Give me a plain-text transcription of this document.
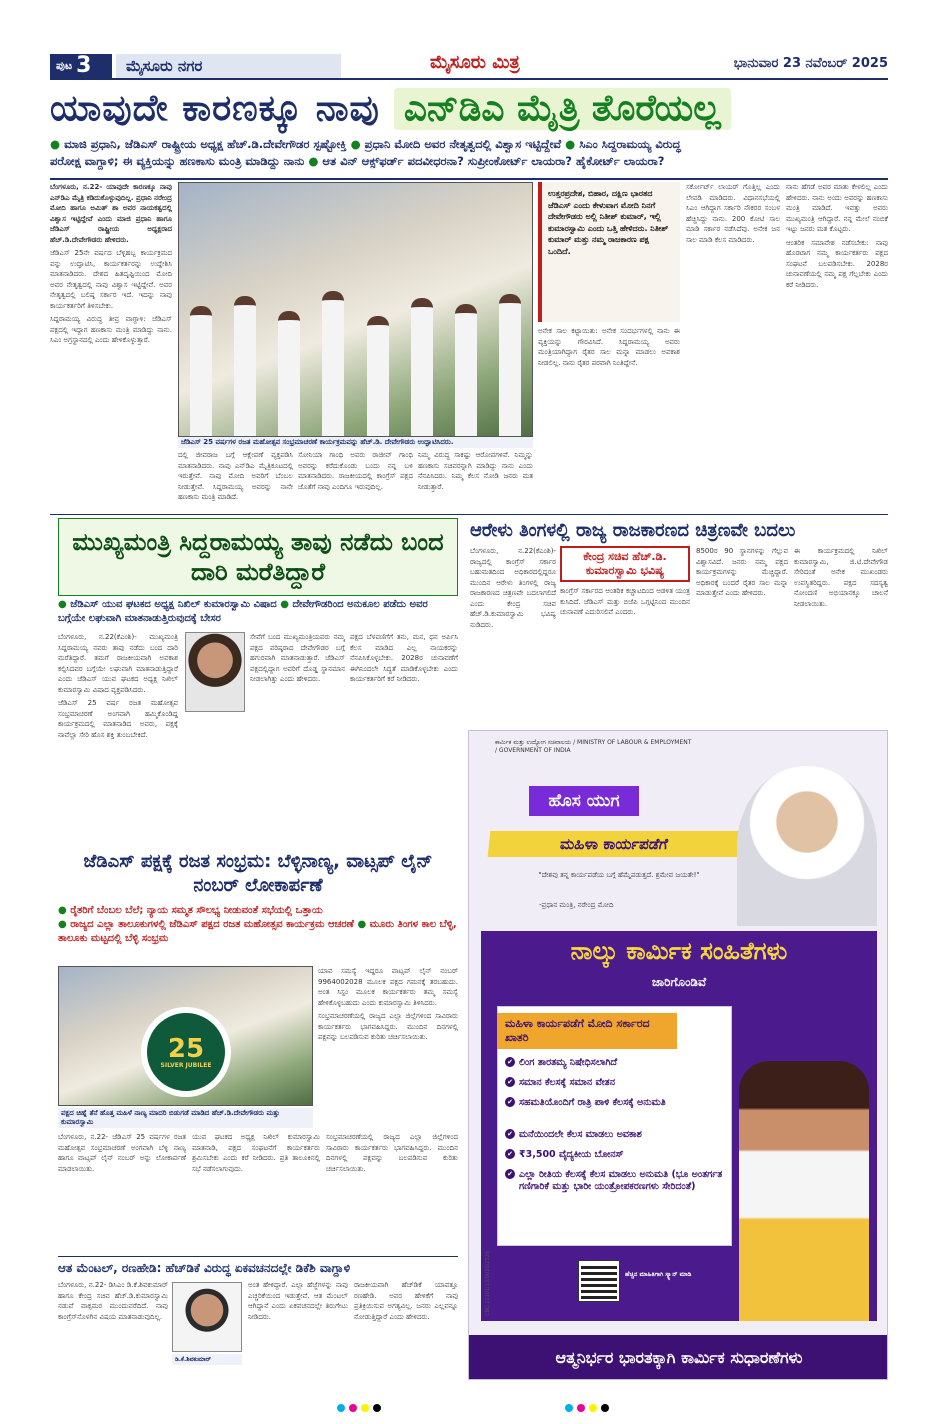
ಪುಟ 3	ಮೈಸೂರು ನಗರ	ಮೈಸೂರು ಮಿತ್ರ	ಭಾನುವಾರ 23 ನವೆಂಬರ್ 2025
ಯಾವುದೇ ಕಾರಣಕ್ಕೂ ನಾವು ಎನ್‌ಡಿಎ ಮೈತ್ರಿ ತೊರೆಯಲ್ಲ
● ಮಾಜಿ ಪ್ರಧಾನಿ, ಜೆಡಿಎಸ್ ರಾಷ್ಟ್ರೀಯ ಅಧ್ಯಕ್ಷ ಹೆಚ್.ಡಿ.ದೇವೇಗೌಡರ ಸ್ಪಷ್ಟೋಕ್ತಿ ● ಪ್ರಧಾನಿ ಮೋದಿ ಅವರ ನೇತೃತ್ವದಲ್ಲಿ ವಿಶ್ವಾಸ ಇಟ್ಟಿದ್ದೇವೆ ● ಸಿಎಂ ಸಿದ್ದರಾಮಯ್ಯ ವಿರುದ್ಧ
ಪರೋಕ್ಷ ವಾಗ್ದಾಳಿ; ಈ ವ್ಯಕ್ತಿಯನ್ನು ಹಣಕಾಸು ಮಂತ್ರಿ ಮಾಡಿದ್ದು ನಾನು ● ಆತ ವಿನ್ ಆಕ್ಸ್‌ಫರ್ಡ್ ಪದವೀಧರನಾ? ಸುಪ್ರೀಂಕೋರ್ಟ್ ಲಾಯರಾ? ಹೈಕೋರ್ಟ್ ಲಾಯರಾ?

ಬೆಂಗಳೂರು, ನ.22- ಯಾವುದೇ ಕಾರಣಕ್ಕೂ ನಾವು ಎನ್‌ಡಿಎ ಮೈತ್ರಿ ಕಡಿದುಕೊಳ್ಳುವುದಿಲ್ಲ. ಪ್ರಧಾನಿ ನರೇಂದ್ರ ಮೋದಿ ಹಾಗೂ ಅಮಿತ್ ಶಾ ಅವರ ನಾಯಕತ್ವದಲ್ಲಿ ವಿಶ್ವಾಸ ಇಟ್ಟಿದ್ದೇವೆ ಎಂದು ಮಾಜಿ ಪ್ರಧಾನಿ ಹಾಗೂ ಜೆಡಿಎಸ್ ರಾಷ್ಟ್ರೀಯ ಅಧ್ಯಕ್ಷರಾದ ಹೆಚ್.ಡಿ.ದೇವೇಗೌಡರು ಹೇಳಿದರು.

ಜೆಡಿಎಸ್ 25ನೇ ವರ್ಷದ ಬೆಳ್ಳಿಹಬ್ಬ ಕಾರ್ಯಕ್ರಮದ ವನ್ನು ಉದ್ಘಾಟಿಸಿ, ಕಾರ್ಯಕರ್ತರನ್ನು ಉದ್ದೇಶಿಸಿ ಮಾತನಾಡಿದರು. ದೇಶದ ಹಿತದೃಷ್ಟಿಯಿಂದ ಮೋದಿ ಅವರ ನೇತೃತ್ವದಲ್ಲಿ ನಾವು ವಿಶ್ವಾಸ ಇಟ್ಟಿದ್ದೇವೆ. ಅವರ ನೇತೃತ್ವದಲ್ಲಿ ಬಲಿಷ್ಠ ಸರ್ಕಾರ ಇದೆ. ಇದನ್ನು ನಾವು ಕಾರ್ಯಕರ್ತರಿಗೆ ತಿಳಿಸಬೇಕು.

ಸಿದ್ದರಾಮಯ್ಯ ವಿರುದ್ಧ ತೀವ್ರ ವಾಗ್ದಾಳಿ: ಜೆಡಿಎಸ್ ಪಕ್ಷದಲ್ಲಿ ಇದ್ದಾಗ ಹಣಕಾಸು ಮಂತ್ರಿ ಮಾಡಿದ್ದು ನಾನು. ಸಿಎಂ ಅಗ್ರಸ್ಥಾನದಲ್ಲಿ ಎಂದು ಹೇಳಿಕೊಳ್ಳುತ್ತಾರೆ.

ಜೆಡಿಎಸ್ 25 ವರ್ಷಗಳ ರಜತ ಮಹೋತ್ಸವ ಸಂಭ್ರಮಾಚರಣೆ ಕಾರ್ಯಕ್ರಮವನ್ನು ಹೆಚ್.ಡಿ. ದೇವೇಗೌಡರು ಉದ್ಘಾಟಿಸಿದರು.
ಉತ್ತರಪ್ರದೇಶ, ಬಿಹಾರ, ದಕ್ಷಿಣ ಭಾರತದ ಜೆಡಿಎಸ್ ಎಂದು ಕೇಳುವಾಗ ಮೋದಿ ನಿನಗೆ ದೇವೇಗೌಡರು ಅಲ್ಲಿ ನಿತೀಶ್ ಕುಮಾರ್, ಇಲ್ಲಿ ಕುಮಾರಸ್ವಾಮಿ ಎಂದು ಒತ್ತಿ ಹೇಳಿದರು. ನಿತೀಶ್ ಕುಮಾರ್ ಮತ್ತು ನಮ್ಮ ರಾಜಕಾರಣ ಪಕ್ಷ ಒಂದಿದೆ.

ಅನೇಕ ಸಾಲ ಕಟ್ಟಾಯಿತು: ಅನೇಕ ಸಂದರ್ಭಗಳಲ್ಲಿ ನಾನು ಈ ವ್ಯಕ್ತಿಯನ್ನು ಗೌರವಿಸಿದೆ. ಸಿದ್ದರಾಮಯ್ಯ ಅವರು ಮಂತ್ರಿಯಾಗಿದ್ದಾಗ ರೈತರ ಸಾಲ ಮನ್ನಾ ಮಾಡಲು ಅವಕಾಶ ನೀಡಲಿಲ್ಲ. ನಾನು ರೈತರ ಪರವಾಗಿ ನಿಂತಿದ್ದೇನೆ.

ಸರ್ಕೋರ್ಟ್ ಲಾಯರ್ ಗೊತ್ತಿಲ್ಲ ಎಂದು ಲೇವಡಿ ಮಾಡಿದರು. ವಿಧಾನಸಭೆಯಲ್ಲಿ ಸಿಎಂ ಆಗಿದ್ದಾಗ ಸರ್ಕಾರಿ ನೌಕರರ ಸಂಬಳ ಹೆಚ್ಚಿಸಿದ್ದು ನಾನು. 200 ಕೋಟಿ ಸಾಲ ಮಾಡಿ ಸರ್ಕಾರ ನಡೆಸಿದೆವು. ಅನೇಕ ಜನ ಸಾಲ ಮಾಡಿ ಕೆಲಸ ಮಾಡಿದರು.

ನಾನು ಹೆಗಡೆ ಅವರ ಮಾತು ಕೇಳಲಿಲ್ಲ ಎಂದು ಹೇಳಿದರು. ನಾನು ಅಂದು ಅವರನ್ನು ಹಣಕಾಸು ಮಂತ್ರಿ ಮಾಡಿದೆ. ಇವತ್ತು ಅವರು ಮುಖ್ಯಮಂತ್ರಿ ಆಗಿದ್ದಾರೆ. ನನ್ನ ಮೇಲೆ ನಂಬಿಕೆ ಇಟ್ಟು ಜನರು ಮತ ಕೊಟ್ಟರು.

ಆಂತರಿಕ ಸಮಾವೇಶ ನಡೆಸಬೇಕು: ನಾವು ಹೊರಟಾಗ ನಮ್ಮ ಕಾರ್ಯಕರ್ತರು ಪಕ್ಷದ ಸಂಘಟನೆ ಬಲಪಡಿಸಬೇಕು. 2028ರ ಚುನಾವಣೆಯಲ್ಲಿ ನಮ್ಮ ಪಕ್ಷ ಗೆಲ್ಲಬೇಕು ಎಂದು ಕರೆ ನೀಡಿದರು.

ದಲ್ಲಿ ಜೀವರಾಜ ಬಗ್ಗೆ ಆಕ್ಷೇಪಣೆ ವ್ಯಕ್ತಪಡಿಸಿ ಮಾತನಾಡಿದರು. ನಾವು ಎನ್‌ಡಿಎ ಮೈತ್ರಿಕೂಟದಲ್ಲಿ ಇರುತ್ತೇವೆ. ನಾವು ಮೋದಿ ಅವರಿಗೆ ಬೆಂಬಲ ನೀಡುತ್ತೇವೆ. ಸಿದ್ದರಾಮಯ್ಯ ಅವರನ್ನು ನಾನೇ ಹಣಕಾಸು ಮಂತ್ರಿ ಮಾಡಿದೆ.
ಸೋನಿಯಾ ಗಾಂಧಿ ಅವರು ರಾಜೀವ್ ಗಾಂಧಿ ಅವರನ್ನು ಕರೆದುಕೊಂಡು ಬಂದು ನನ್ನ ಬಳಿ ಮಾತನಾಡಿದರು. ರಾಜಕೀಯದಲ್ಲಿ ಕಾಂಗ್ರೆಸ್ ಪಕ್ಷದ ಜೊತೆಗೆ ನಾವು ಎಂದಿಗೂ ಇರುವುದಿಲ್ಲ.
ನಿಮ್ಮ ವಿರುದ್ಧ ಸಾಕಷ್ಟು ಆರೋಪಗಳಿವೆ. ನಿಮ್ಮನ್ನು ಹಣಕಾಸು ಸಚಿವರನ್ನಾಗಿ ಮಾಡಿದ್ದು ನಾನು ಎಂದು ನೆನಪಿಸಿದರು. ನಿಮ್ಮ ಕೆಲಸ ನೋಡಿ ಜನರು ಮತ ನೀಡುತ್ತಾರೆ.
ಮುಖ್ಯಮಂತ್ರಿ ಸಿದ್ದರಾಮಯ್ಯ ತಾವು ನಡೆದು ಬಂದ ದಾರಿ ಮರೆತಿದ್ದಾರೆ
● ಜೆಡಿಎಸ್ ಯುವ ಘಟಕದ ಅಧ್ಯಕ್ಷ ನಿಖಿಲ್ ಕುಮಾರಸ್ವಾಮಿ ವಿಷಾದ ● ದೇವೇಗೌಡರಿಂದ ಅನುಕೂಲ ಪಡೆದು ಅವರ ಬಗ್ಗೆಯೇ ಲಘುವಾಗಿ ಮಾತನಾಡುತ್ತಿರುವುದಕ್ಕೆ ಬೇಸರ

ಬೆಂಗಳೂರು, ನ.22(ಕೆಎಂಶಿ)- ಮುಖ್ಯಮಂತ್ರಿ ಸಿದ್ದರಾಮಯ್ಯ ನವರು ತಾವು ನಡೆದು ಬಂದ ದಾರಿ ಮರೆತಿದ್ದಾರೆ. ತಮಗೆ ರಾಜಕೀಯವಾಗಿ ಅವಕಾಶ ಕಲ್ಪಿಸಿದವರ ಬಗ್ಗೆಯೇ ಲಘುವಾಗಿ ಮಾತನಾಡುತ್ತಿದ್ದಾರೆ ಎಂದು ಜೆಡಿಎಸ್ ಯುವ ಘಟಕದ ಅಧ್ಯಕ್ಷ ನಿಖಿಲ್ ಕುಮಾರಸ್ವಾಮಿ ವಿಷಾದ ವ್ಯಕ್ತಪಡಿಸಿದರು.

ಜೆಡಿಎಸ್ 25 ವರ್ಷ ರಜತ ಮಹೋತ್ಸವ ಸಂಭ್ರಮಾಚರಣೆ ಅಂಗವಾಗಿ ಹಮ್ಮಿಕೊಂಡಿದ್ದ ಕಾರ್ಯಕ್ರಮದಲ್ಲಿ ಮಾತನಾಡಿದ ಅವರು, ಪಕ್ಷಕ್ಕೆ ನಾವೆಲ್ಲಾ ಸೇರಿ ಹೊಸ ಶಕ್ತಿ ತುಂಬಬೇಕಿದೆ.

ಸೇವೆಗೆ ಬಂದ ಮುಖ್ಯಮಂತ್ರಿಯವರು ನಮ್ಮ ಪಕ್ಷದ ವರಿಷ್ಠರಾದ ದೇವೇಗೌಡರ ಬಗ್ಗೆ ಹಗುರವಾಗಿ ಮಾತನಾಡುತ್ತಾರೆ. ಜೆಡಿಎಸ್ ಪಕ್ಷದಲ್ಲಿದ್ದಾಗ ಅವರಿಗೆ ದೊಡ್ಡ ಸ್ಥಾನಮಾನ ನೀಡಲಾಗಿತ್ತು ಎಂದು ಹೇಳಿದರು.
ಪಕ್ಷದ ಬೆಳವಣಿಗೆಗೆ ತನು, ಮನ, ಧನ ಅರ್ಪಿಸಿ ಕೆಲಸ ಮಾಡಿದ ಎಲ್ಲ ನಾಯಕರನ್ನು ನೆನಪಿಸಿಕೊಳ್ಳಬೇಕು. 2028ರ ಚುನಾವಣೆಗೆ ಈಗಿನಿಂದಲೇ ಸಿದ್ಧತೆ ಮಾಡಿಕೊಳ್ಳಬೇಕು ಎಂದು ಕಾರ್ಯಕರ್ತರಿಗೆ ಕರೆ ನೀಡಿದರು.
ಆರೇಳು ತಿಂಗಳಲ್ಲಿ ರಾಜ್ಯ ರಾಜಕಾರಣದ ಚಿತ್ರಣವೇ ಬದಲು
ಕೇಂದ್ರ ಸಚಿವ ಹೆಚ್.ಡಿ. ಕುಮಾರಸ್ವಾಮಿ ಭವಿಷ್ಯ
ಬೆಂಗಳೂರು, ನ.22(ಕೆಎಂಶಿ)- ರಾಜ್ಯದಲ್ಲಿ ಕಾಂಗ್ರೆಸ್ ಸರ್ಕಾರ ಬಹುಮತದಿಂದ ಅಧಿಕಾರದಲ್ಲಿದ್ದರೂ ಮುಂದಿನ ಆರೇಳು ತಿಂಗಳಲ್ಲಿ ರಾಜ್ಯ ರಾಜಕಾರಣದ ಚಿತ್ರಣವೇ ಬದಲಾಗಲಿದೆ ಎಂದು ಕೇಂದ್ರ ಸಚಿವ ಹೆಚ್.ಡಿ.ಕುಮಾರಸ್ವಾಮಿ ಭವಿಷ್ಯ ನುಡಿದರು.
ಕಾಂಗ್ರೆಸ್ ಸರ್ಕಾರದ ಆಂತರಿಕ ಕಚ್ಚಾಟದಿಂದ ಆಡಳಿತ ಯಂತ್ರ ಕುಸಿದಿದೆ. ಜೆಡಿಎಸ್ ಮತ್ತು ಬಿಜೆಪಿ ಒಗ್ಗಟ್ಟಿನಿಂದ ಮುಂದಿನ ಚುನಾವಣೆ ಎದುರಿಸಲಿವೆ ಎಂದರು.
8500ರ 90 ಸ್ಥಾನಗಳನ್ನು ಗೆಲ್ಲುವ ವಿಶ್ವಾಸವಿದೆ. ಜನರು ನಮ್ಮ ಪಕ್ಷದ ಕಾರ್ಯಕ್ರಮಗಳನ್ನು ಮೆಚ್ಚಿದ್ದಾರೆ. ಅಧಿಕಾರಕ್ಕೆ ಬಂದರೆ ರೈತರ ಸಾಲ ಮನ್ನಾ ಮಾಡುತ್ತೇವೆ ಎಂದು ಹೇಳಿದರು.
ಈ ಕಾರ್ಯಕ್ರಮದಲ್ಲಿ ನಿಖಿಲ್ ಕುಮಾರಸ್ವಾಮಿ, ಜಿ.ಟಿ.ದೇವೇಗೌಡ ಸೇರಿದಂತೆ ಅನೇಕ ಮುಖಂಡರು ಉಪಸ್ಥಿತರಿದ್ದರು. ಪಕ್ಷದ ಸದಸ್ಯತ್ವ ನೋಂದಣಿ ಅಭಿಯಾನಕ್ಕೂ ಚಾಲನೆ ನೀಡಲಾಯಿತು.
ಜೆಡಿಎಸ್ ಪಕ್ಷಕ್ಕೆ ರಜತ ಸಂಭ್ರಮ: ಬೆಳ್ಳಿನಾಣ್ಯ, ವಾಟ್ಸಪ್ ಲೈನ್ ನಂಬರ್ ಲೋಕಾರ್ಪಣೆ
● ರೈತರಿಗೆ ಬೆಂಬಲ ಬೆಲೆ; ನ್ಯಾಯ ಸಮ್ಮತ ಸೌಲಭ್ಯ ನೀಡುವಂತೆ ಸಭೆಯಲ್ಲಿ ಒತ್ತಾಯ
● ರಾಜ್ಯದ ಎಲ್ಲಾ ತಾಲೂಕುಗಳಲ್ಲಿ ಜೆಡಿಎಸ್ ಪಕ್ಷದ ರಜತ ಮಹೋತ್ಸವ ಕಾರ್ಯಕ್ರಮ ಆಚರಣೆ ● ಮೂರು ತಿಂಗಳ ಕಾಲ ಬೆಳ್ಳಿ, ತಾಲೂಕು ಮಟ್ಟದಲ್ಲಿ ಬೆಳ್ಳಿ ಸಂಭ್ರಮ
25
SILVER JUBILEE
ಪಕ್ಷದ ಚಿಹ್ನೆ ತೆನೆ ಹೊತ್ತ ಮಹಿಳೆ ನಾಣ್ಯ ಮಾದರಿ ಬಿಡುಗಡೆ ಮಾಡಿದ ಹೆಚ್.ಡಿ.ದೇವೇಗೌಡರು ಮತ್ತು ಕುಮಾರಸ್ವಾಮಿ

ಯಾವ ಸಮಸ್ಯೆ ಇದ್ದರೂ ವಾಟ್ಸಪ್ ಲೈನ್ ನಂಬರ್ 9964002028 ಮೂಲಕ ಪಕ್ಷದ ಗಮನಕ್ಕೆ ತರಬಹುದು. ಅಂತ ಸಿಸ್ಟಂ ಮೂಲಕ ಕಾರ್ಯಕರ್ತರು ತಮ್ಮ ಸಮಸ್ಯೆ ಹೇಳಿಕೊಳ್ಳಬಹುದು ಎಂದು ಕುಮಾರಸ್ವಾಮಿ ತಿಳಿಸಿದರು.

ಸಂಭ್ರಮಾಚರಣೆಯಲ್ಲಿ ರಾಜ್ಯದ ಎಲ್ಲಾ ಜಿಲ್ಲೆಗಳಿಂದ ಸಾವಿರಾರು ಕಾರ್ಯಕರ್ತರು ಭಾಗವಹಿಸಿದ್ದರು. ಮುಂದಿನ ದಿನಗಳಲ್ಲಿ ಪಕ್ಷವನ್ನು ಬಲಪಡಿಸುವ ಕುರಿತು ಚರ್ಚಿಸಲಾಯಿತು.

ಬೆಂಗಳೂರು, ನ.22- ಜೆಡಿಎಸ್ 25 ವರ್ಷಗಳ ರಜತ ಮಹೋತ್ಸವ ಸಂಭ್ರಮಾಚರಣೆ ಅಂಗವಾಗಿ ಬೆಳ್ಳಿ ನಾಣ್ಯ ಹಾಗೂ ವಾಟ್ಸಪ್ ಲೈನ್ ನಂಬರ್ ಅನ್ನು ಲೋಕಾರ್ಪಣೆ ಮಾಡಲಾಯಿತು.
ಯುವ ಘಟಕದ ಅಧ್ಯಕ್ಷ ನಿಖಿಲ್ ಕುಮಾರಸ್ವಾಮಿ ಮಾತನಾಡಿ, ಪಕ್ಷದ ಸಂಘಟನೆಗೆ ಕಾರ್ಯಕರ್ತರು ಶ್ರಮಿಸಬೇಕು ಎಂದು ಕರೆ ನೀಡಿದರು. ಪ್ರತಿ ತಾಲೂಕಿನಲ್ಲಿ ಸಭೆ ನಡೆಸಲಾಗುವುದು.
ಸಂಭ್ರಮಾಚರಣೆಯಲ್ಲಿ ರಾಜ್ಯದ ಎಲ್ಲಾ ಜಿಲ್ಲೆಗಳಿಂದ ಸಾವಿರಾರು ಕಾರ್ಯಕರ್ತರು ಭಾಗವಹಿಸಿದ್ದರು. ಮುಂದಿನ ದಿನಗಳಲ್ಲಿ ಪಕ್ಷವನ್ನು ಬಲಪಡಿಸುವ ಕುರಿತು ಚರ್ಚಿಸಲಾಯಿತು.
ಆತ ಮೆಂಟಲ್, ರಣಹೇಡಿ: ಹೆಚ್‌ಡಿಕೆ ವಿರುದ್ಧ ಏಕವಚನದಲ್ಲೇ ಡಿಕೆಶಿ ವಾಗ್ದಾಳಿ
ಬೆಂಗಳೂರು, ನ.22- ಡಿಸಿಎಂ ಡಿ.ಕೆ.ಶಿವಕುಮಾರ್ ಹಾಗೂ ಕೇಂದ್ರ ಸಚಿವ ಹೆಚ್.ಡಿ.ಕುಮಾರಸ್ವಾಮಿ ನಡುವೆ ವಾಕ್ಸಮರ ಮುಂದುವರೆದಿದೆ. ನಾವು ಕಾಂಗ್ರೆಸ್‌ನೊಳಗಿನ ವಿಷಯ ಮಾತನಾಡುವುದಿಲ್ಲ.
ಡಿ.ಕೆ.ಶಿವಕುಮಾರ್
ಅಂತ ಹೇಳಿದ್ದಾರೆ. ಎಲ್ಲಾ ಹೆಜ್ಜೆಗಳನ್ನು ನಾವು ಎಚ್ಚರಿಕೆಯಿಂದ ಇಡುತ್ತೇವೆ. ಆತ ಮೆಂಟಲ್ ಆಗಿದ್ದಾನೆ ಎಂದು ಏಕವಚನದಲ್ಲೇ ತಿರುಗೇಟು ನೀಡಿದರು.
ರಾಜಕೀಯವಾಗಿ ಹೆಚ್‌ಡಿಕೆ ಯಾವತ್ತೂ ರಣಹೇಡಿ. ಅವರ ಹೇಳಿಕೆಗೆ ನಾವು ಪ್ರತಿಕ್ರಿಯಿಸುವ ಅಗತ್ಯವಿಲ್ಲ. ಜನರು ಎಲ್ಲವನ್ನೂ ನೋಡುತ್ತಿದ್ದಾರೆ ಎಂದು ಹೇಳಿದರು.
ಕಾರ್ಮಿಕ ಮತ್ತು ಉದ್ಯೋಗ ಸಚಿವಾಲಯ / MINISTRY OF LABOUR & EMPLOYMENT / GOVERNMENT OF INDIA
ಹೊಸ ಯುಗ
ಮಹಿಳಾ ಕಾರ್ಯಪಡೆಗೆ
"ದೇಶವು ತನ್ನ ಕಾರ್ಯಪಡೆಯ ಬಗ್ಗೆ ಹೆಮ್ಮೆಪಡುತ್ತದೆ. ಶ್ರಮೇವ ಜಯತೇ!"
-ಪ್ರಧಾನ ಮಂತ್ರಿ, ನರೇಂದ್ರ ಮೋದಿ
ನಾಲ್ಕು ಕಾರ್ಮಿಕ ಸಂಹಿತೆಗಳು
ಜಾರಿಗೊಂಡಿವೆ
ಮಹಿಳಾ ಕಾರ್ಯಪಡೆಗೆ ಮೋದಿ ಸರ್ಕಾರದ ಖಾತರಿ
✔ ಲಿಂಗ ತಾರತಮ್ಯ ನಿಷೇಧಿಸಲಾಗಿದೆ
✔ ಸಮಾನ ಕೆಲಸಕ್ಕೆ ಸಮಾನ ವೇತನ
✔ ಸಹಮತಿಯೊಂದಿಗೆ ರಾತ್ರಿ ಪಾಳಿ ಕೆಲಸಕ್ಕೆ ಅನುಮತಿ
✔ ಮನೆಯಿಂದಲೇ ಕೆಲಸ ಮಾಡಲು ಅವಕಾಶ
✔ ₹3,500 ವೈದ್ಯಕೀಯ ಬೋನಸ್
✔ ಎಲ್ಲಾ ರೀತಿಯ ಕೆಲಸಕ್ಕೆ ಕೆಲಸ ಮಾಡಲು ಅನುಮತಿ (ಭೂ ಅಂತರ್ಗತ ಗಣಿಗಾರಿಕೆ ಮತ್ತು ಭಾರೀ ಯಂತ್ರೋಪಕರಣಗಳು ಸೇರಿದಂತೆ)
ಹೆಚ್ಚಿನ ಮಾಹಿತಿಗಾಗಿ ಸ್ಕ್ಯಾನ್ ಮಾಡಿ
CBC 21101/13/0020/2526
ಆತ್ಮನಿರ್ಭರ ಭಾರತಕ್ಕಾಗಿ ಕಾರ್ಮಿಕ ಸುಧಾರಣೆಗಳು
